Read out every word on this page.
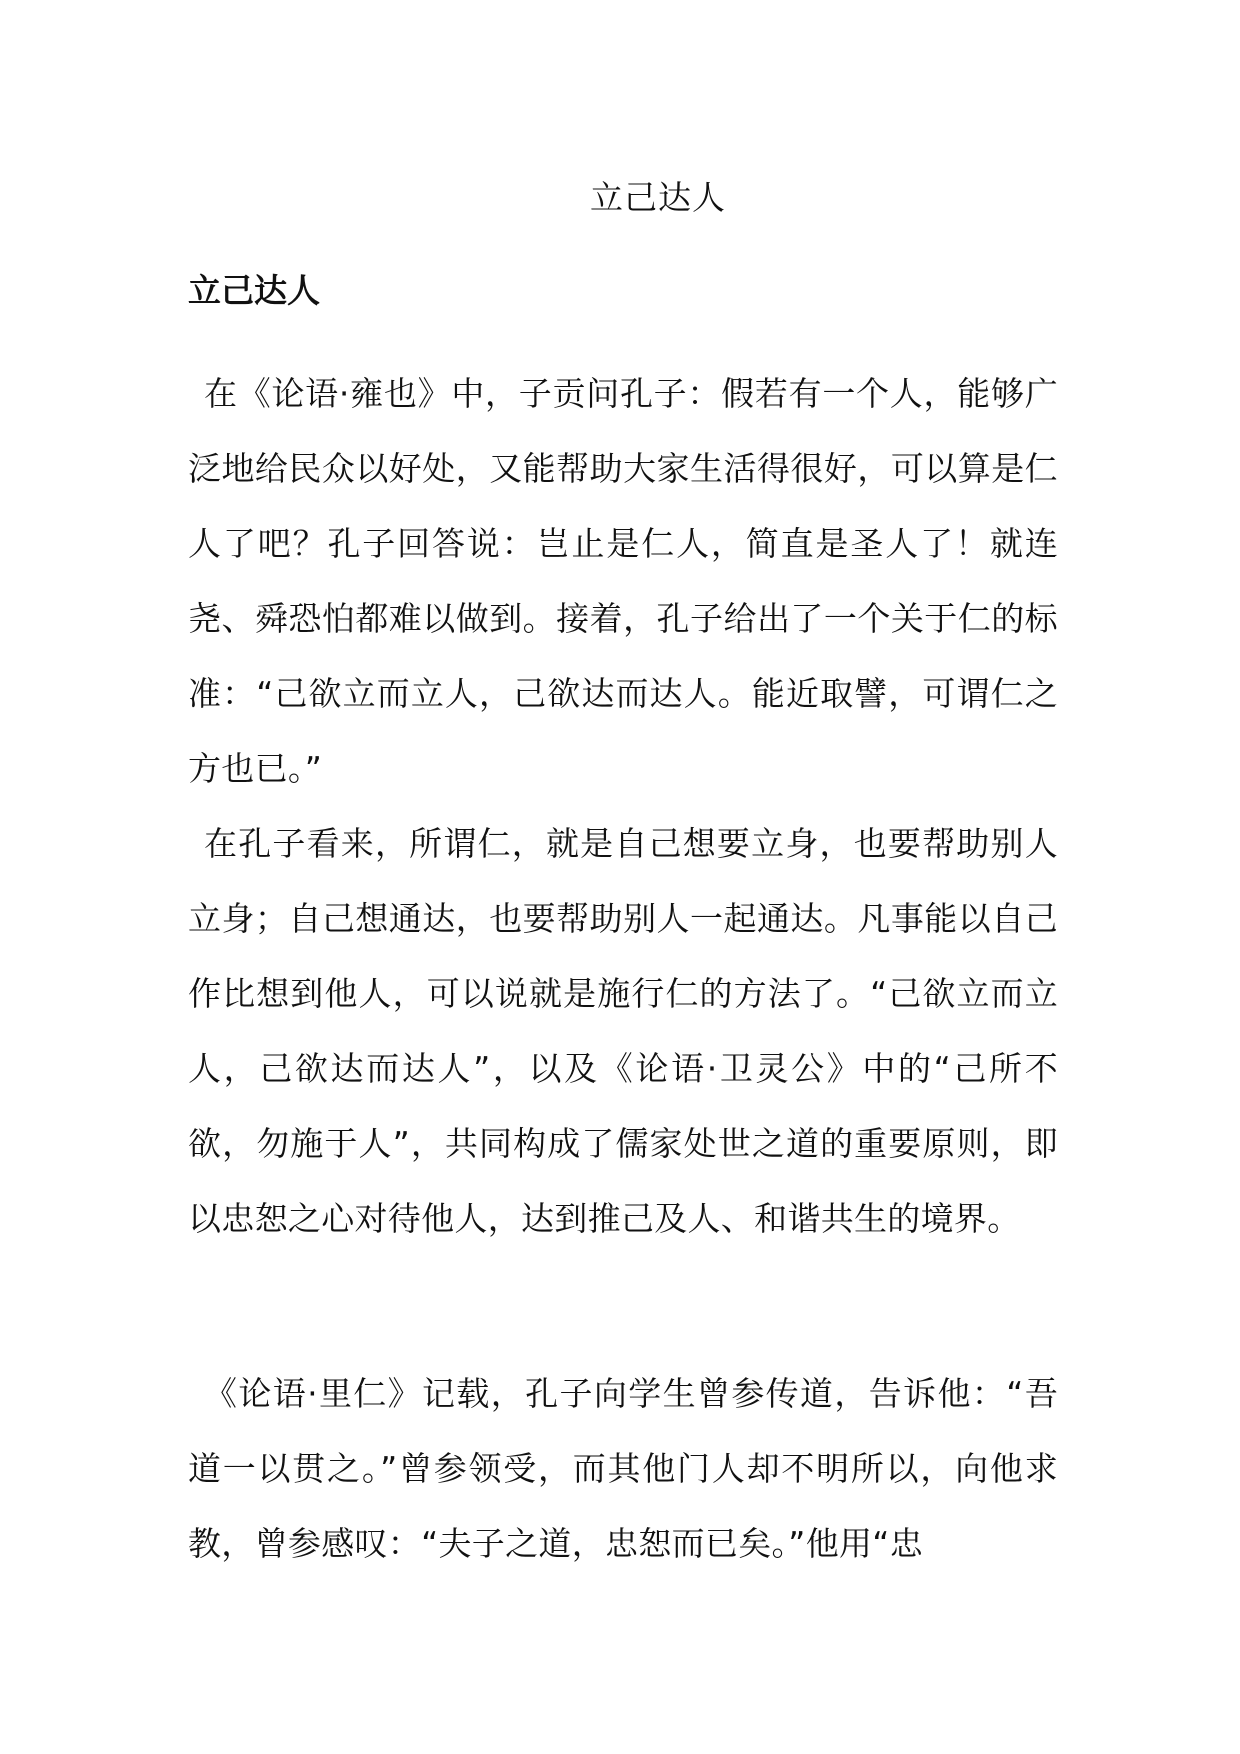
立己达人
立己达人

在《论语·雍也》中，子贡问孔子：假若有一个人，能够广泛地给民众以好处，又能帮助大家生活得很好，可以算是仁人了吧？孔子回答说：岂止是仁人，简直是圣人了！就连尧、舜恐怕都难以做到。接着，孔子给出了一个关于仁的标准：“己欲立而立人，己欲达而达人。能近取譬，可谓仁之方也已。”

在孔子看来，所谓仁，就是自己想要立身，也要帮助别人立身；自己想通达，也要帮助别人一起通达。凡事能以自己作比想到他人，可以说就是施行仁的方法了。“己欲立而立人，己欲达而达人”，以及《论语·卫灵公》中的“己所不欲，勿施于人”，共同构成了儒家处世之道的重要原则，即以忠恕之心对待他人，达到推己及人、和谐共生的境界。

《论语·里仁》记载，孔子向学生曾参传道，告诉他：“吾道一以贯之。”曾参领受，而其他门人却不明所以，向他求教，曾参感叹：“夫子之道，忠恕而已矣。”他用“忠
